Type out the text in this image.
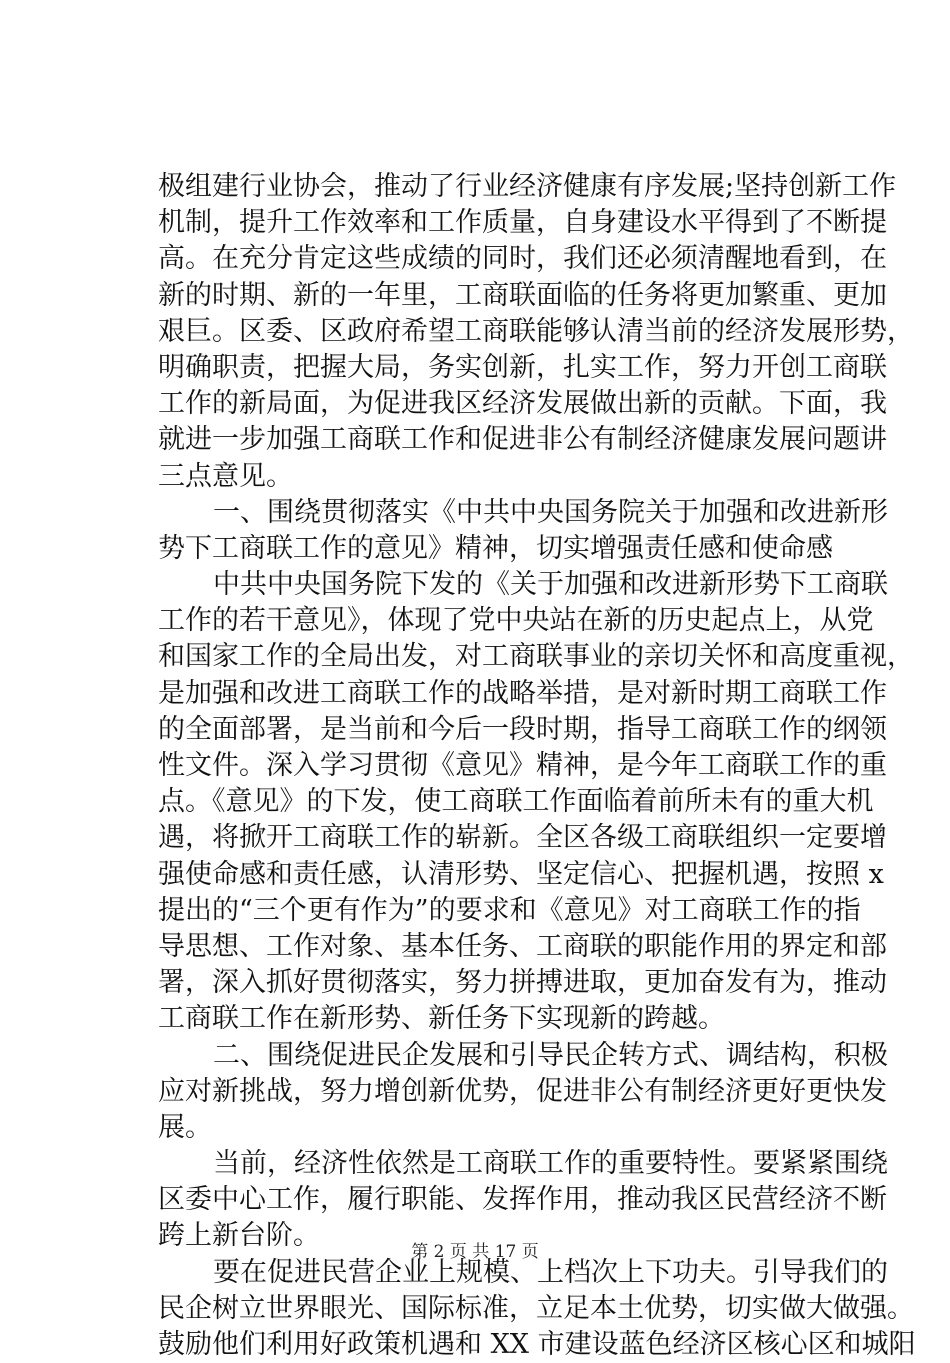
极组建行业协会，推动了行业经济健康有序发展;坚持创新工作
机制，提升工作效率和工作质量，自身建设水平得到了不断提
高。在充分肯定这些成绩的同时，我们还必须清醒地看到，在
新的时期、新的一年里，工商联面临的任务将更加繁重、更加
艰巨。区委、区政府希望工商联能够认清当前的经济发展形势，
明确职责，把握大局，务实创新，扎实工作，努力开创工商联
工作的新局面，为促进我区经济发展做出新的贡献。下面，我
就进一步加强工商联工作和促进非公有制经济健康发展问题讲
三点意见。
一、围绕贯彻落实《中共中央国务院关于加强和改进新形
势下工商联工作的意见》精神，切实增强责任感和使命感
中共中央国务院下发的《关于加强和改进新形势下工商联
工作的若干意见》，体现了党中央站在新的历史起点上，从党
和国家工作的全局出发，对工商联事业的亲切关怀和高度重视，
是加强和改进工商联工作的战略举措，是对新时期工商联工作
的全面部署，是当前和今后一段时期，指导工商联工作的纲领
性文件。深入学习贯彻《意见》精神，是今年工商联工作的重
点。《意见》的下发，使工商联工作面临着前所未有的重大机
遇，将掀开工商联工作的崭新。全区各级工商联组织一定要增
强使命感和责任感，认清形势、坚定信心、把握机遇，按照 x
提出的“三个更有作为”的要求和《意见》对工商联工作的指
导思想、工作对象、基本任务、工商联的职能作用的界定和部
署，深入抓好贯彻落实，努力拼搏进取，更加奋发有为，推动
工商联工作在新形势、新任务下实现新的跨越。
二、围绕促进民企发展和引导民企转方式、调结构，积极
应对新挑战，努力增创新优势，促进非公有制经济更好更快发
展。
当前，经济性依然是工商联工作的重要特性。要紧紧围绕
区委中心工作，履行职能、发挥作用，推动我区民营经济不断
跨上新台阶。
要在促进民营企业上规模、上档次上下功夫。引导我们的
民企树立世界眼光、国际标准，立足本土优势，切实做大做强。
鼓励他们利用好政策机遇和 XX 市建设蓝色经济区核心区和城阳
第 2 页 共 17 页
